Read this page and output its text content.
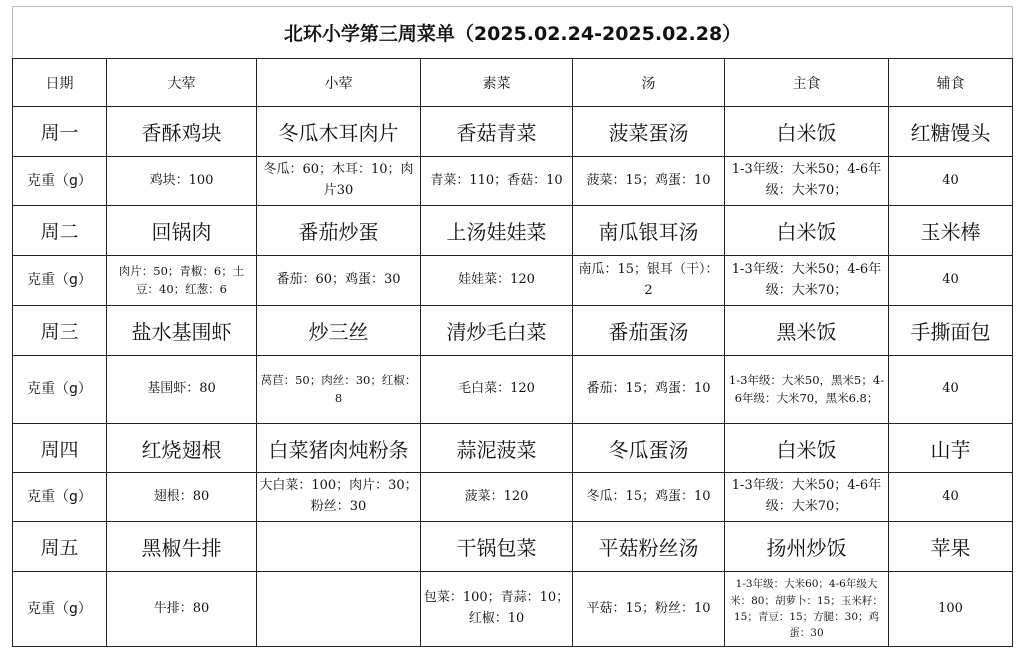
北环小学第三周菜单（2025.02.24-2025.02.28）						
日期	大荤	小荤	素菜	汤	主食	辅食
周一	香酥鸡块	冬瓜木耳肉片	香菇青菜	菠菜蛋汤	白米饭	红糖馒头
克重（g）	鸡块：100	冬瓜：60；木耳：10；肉片30	青菜：110；香菇：10	菠菜：15；鸡蛋：10	1-3年级：大米50；4-6年级：大米70；	40
周二	回锅肉	番茄炒蛋	上汤娃娃菜	南瓜银耳汤	白米饭	玉米棒
克重（g）	肉片：50；青椒：6；土豆：40；红葱：6	番茄：60；鸡蛋：30	娃娃菜：120	南瓜：15；银耳（干）：2	1-3年级：大米50；4-6年级：大米70；	40
周三	盐水基围虾	炒三丝	清炒毛白菜	番茄蛋汤	黑米饭	手撕面包
克重（g）	基围虾：80	莴苣：50；肉丝：30；红椒：8	毛白菜：120	番茄：15；鸡蛋：10	1-3年级：大米50，黑米5；4-6年级：大米70，黑米6.8；	40
周四	红烧翅根	白菜猪肉炖粉条	蒜泥菠菜	冬瓜蛋汤	白米饭	山芋
克重（g）	翅根：80	大白菜：100；肉片：30；粉丝：30	菠菜：120	冬瓜：15；鸡蛋：10	1-3年级：大米50；4-6年级：大米70；	40
周五	黑椒牛排		干锅包菜	平菇粉丝汤	扬州炒饭	苹果
克重（g）	牛排：80		包菜：100；青蒜：10；红椒：10	平菇：15；粉丝：10	1-3年级：大米60；4-6年级大米：80；胡萝卜：15；玉米籽：15；青豆：15；方腿：30；鸡蛋：30	100
